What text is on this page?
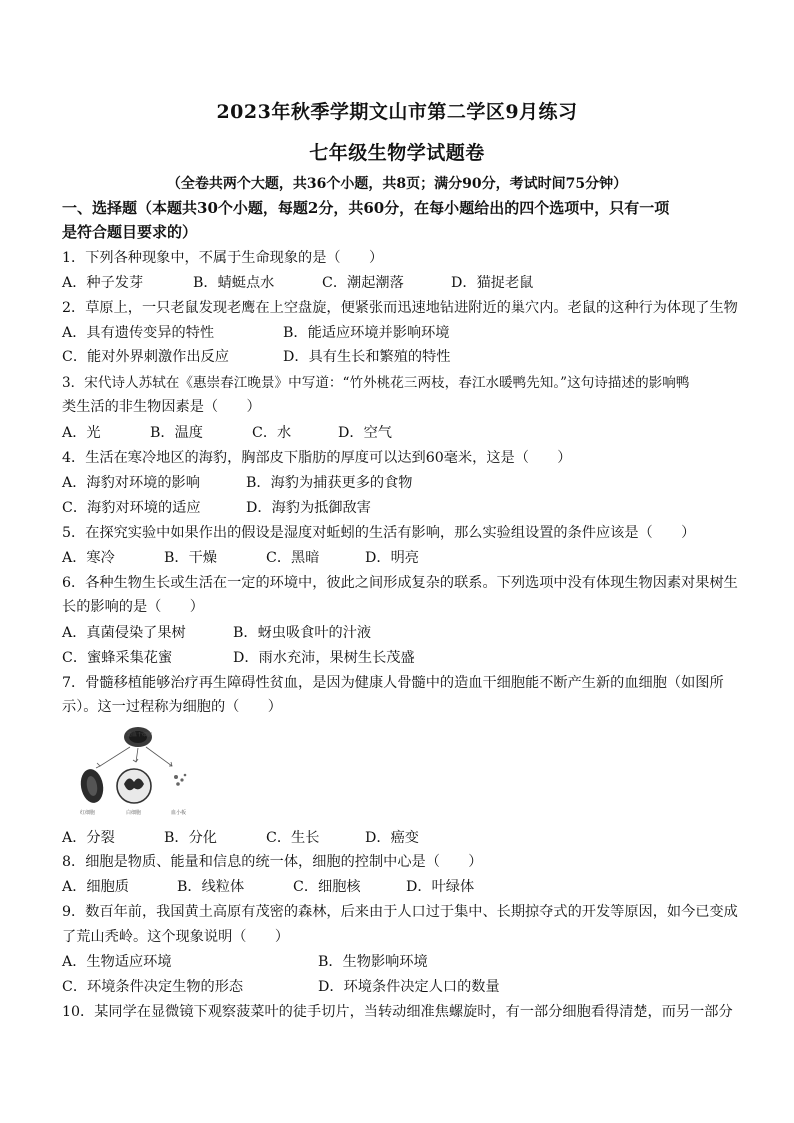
2023年秋季学期文山市第二学区9月练习
七年级生物学试题卷
（全卷共两个大题，共36个小题，共8页；满分90分，考试时间75分钟）
一、选择题（本题共30个小题，每题2分，共60分，在每小题给出的四个选项中，只有一项
是符合题目要求的）
1．下列各种现象中，不属于生命现象的是（　　）
A．种子发芽	B．蜻蜓点水	C．潮起潮落	D．猫捉老鼠
2．草原上，一只老鼠发现老鹰在上空盘旋，便紧张而迅速地钻进附近的巢穴内。老鼠的这种行为体现了生物
A．具有遗传变异的特性	B．能适应环境并影响环境
C．能对外界刺激作出反应	D．具有生长和繁殖的特性
3．宋代诗人苏轼在《惠崇春江晚景》中写道：“竹外桃花三两枝，春江水暖鸭先知。”这句诗描述的影响鸭
类生活的非生物因素是（　　）
A．光	B．温度	C．水	D．空气
4．生活在寒冷地区的海豹，胸部皮下脂肪的厚度可以达到60毫米，这是（　　）
A．海豹对环境的影响	B．海豹为捕获更多的食物
C．海豹对环境的适应	D．海豹为抵御敌害
5．在探究实验中如果作出的假设是湿度对蚯蚓的生活有影响，那么实验组设置的条件应该是（　　）
A．寒冷	B．干燥	C．黑暗	D．明亮
6．各种生物生长或生活在一定的环境中，彼此之间形成复杂的联系。下列选项中没有体现生物因素对果树生
长的影响的是（　　）
A．真菌侵染了果树	B．蚜虫吸食叶的汁液
C．蜜蜂采集花蜜	D．雨水充沛，果树生长茂盛
7．骨髓移植能够治疗再生障碍性贫血，是因为健康人骨髓中的造血干细胞能不断产生新的血细胞（如图所
示）。这一过程称为细胞的（　　）
造血干细胞
红细胞	白细胞	血小板
A．分裂	B．分化	C．生长	D．癌变
8．细胞是物质、能量和信息的统一体，细胞的控制中心是（　　）
A．细胞质	B．线粒体	C．细胞核	D．叶绿体
9．数百年前，我国黄土高原有茂密的森林，后来由于人口过于集中、长期掠夺式的开发等原因，如今已变成
了荒山秃岭。这个现象说明（　　）
A．生物适应环境	B．生物影响环境
C．环境条件决定生物的形态	D．环境条件决定人口的数量
10．某同学在显微镜下观察菠菜叶的徒手切片，当转动细准焦螺旋时，有一部分细胞看得清楚，而另一部分
